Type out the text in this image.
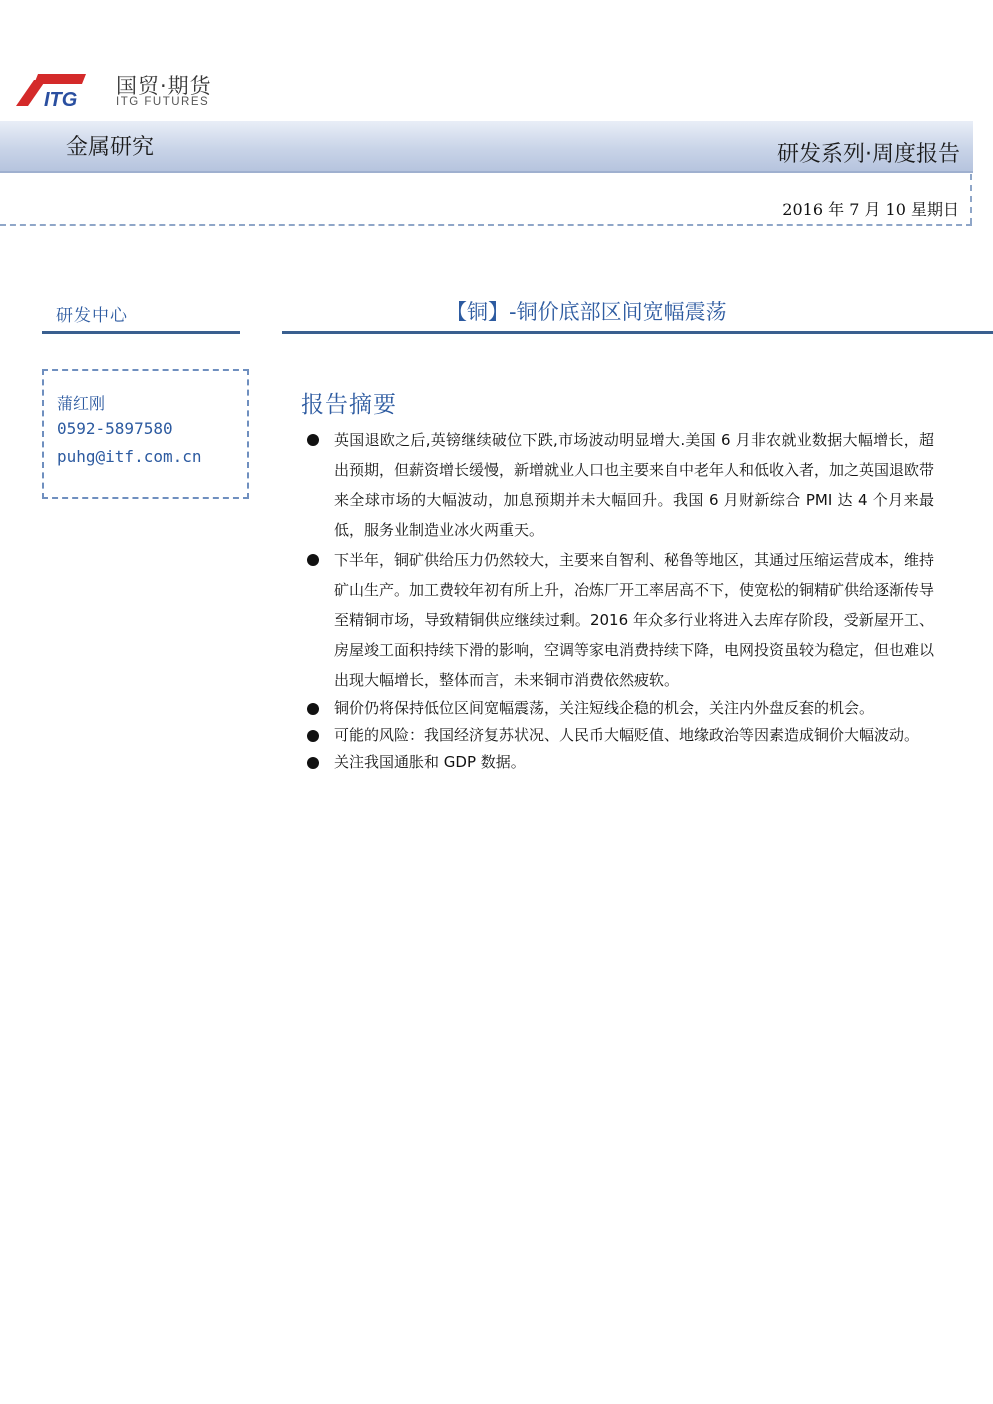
ITG
国贸·期货
ITG FUTURES
金属研究	研发系列·周度报告
2016 年 7 月 10 星期日
研发中心
蒲红刚
0592-5897580
puhg@itf.com.cn
【铜】-铜价底部区间宽幅震荡
报告摘要
英国退欧之后,英镑继续破位下跌,市场波动明显增大.美国 6 月非农就业数据大幅增长，超出预期，但薪资增长缓慢，新增就业人口也主要来自中老年人和低收入者，加之英国退欧带来全球市场的大幅波动，加息预期并未大幅回升。我国 6 月财新综合 PMI 达 4 个月来最低，服务业制造业冰火两重天。
下半年，铜矿供给压力仍然较大，主要来自智利、秘鲁等地区，其通过压缩运营成本，维持矿山生产。加工费较年初有所上升，冶炼厂开工率居高不下，使宽松的铜精矿供给逐渐传导至精铜市场，导致精铜供应继续过剩。2016 年众多行业将进入去库存阶段，受新屋开工、房屋竣工面积持续下滑的影响，空调等家电消费持续下降，电网投资虽较为稳定，但也难以出现大幅增长，整体而言，未来铜市消费依然疲软。
铜价仍将保持低位区间宽幅震荡，关注短线企稳的机会，关注内外盘反套的机会。
可能的风险：我国经济复苏状况、人民币大幅贬值、地缘政治等因素造成铜价大幅波动。
关注我国通胀和 GDP 数据。
